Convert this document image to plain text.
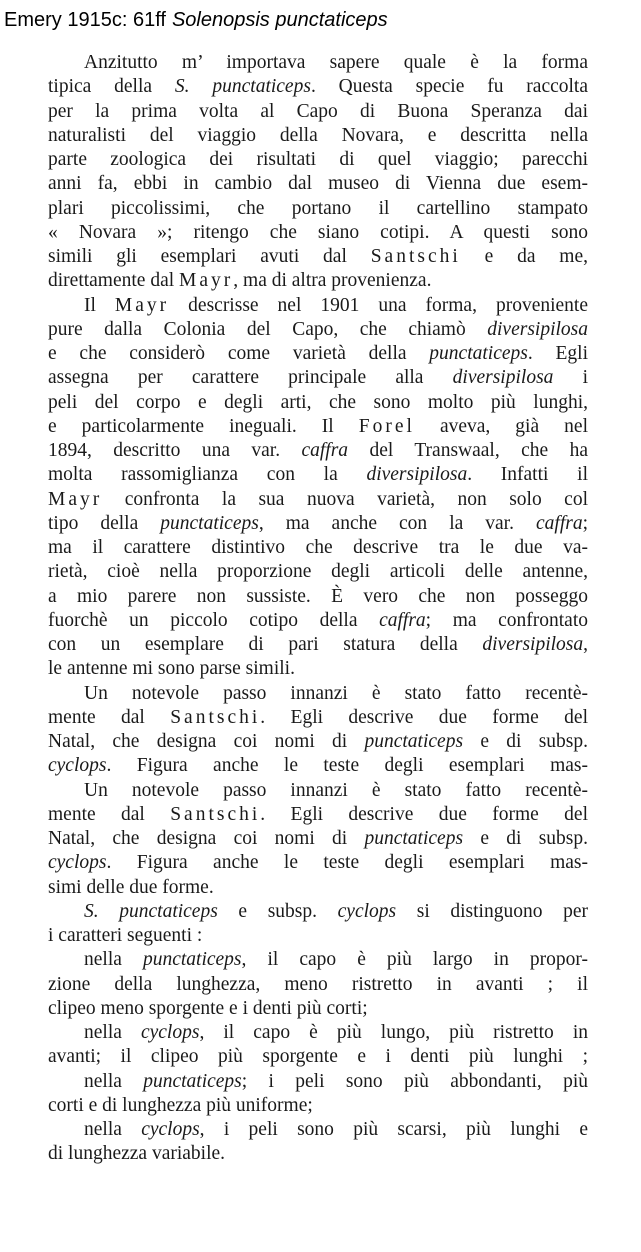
Emery 1915c: 61ff Solenopsis punctaticeps
Anzitutto m’ importava sapere quale è la forma
tipica della S. punctaticeps. Questa specie fu raccolta
per la prima volta al Capo di Buona Speranza dai
naturalisti del viaggio della Novara, e descritta nella
parte zoologica dei risultati di quel viaggio; parecchi
anni fa, ebbi in cambio dal museo di Vienna due esem-
plari piccolissimi, che portano il cartellino stampato
« Novara »; ritengo che siano cotipi. A questi sono
simili gli esemplari avuti dal Santschi e da me,
direttamente dal Mayr, ma di altra provenienza.
Il Mayr descrisse nel 1901 una forma, proveniente
pure dalla Colonia del Capo, che chiamò diversipilosa
e che considerò come varietà della punctaticeps. Egli
assegna per carattere principale alla diversipilosa i
peli del corpo e degli arti, che sono molto più lunghi,
e particolarmente ineguali. Il Forel aveva, già nel
1894, descritto una var. caffra del Transwaal, che ha
molta rassomiglianza con la diversipilosa. Infatti il
Mayr confronta la sua nuova varietà, non solo col
tipo della punctaticeps, ma anche con la var. caffra;
ma il carattere distintivo che descrive tra le due va-
rietà, cioè nella proporzione degli articoli delle antenne,
a mio parere non sussiste. È vero che non posseggo
fuorchè un piccolo cotipo della caffra; ma confrontato
con un esemplare di pari statura della diversipilosa,
le antenne mi sono parse simili.
Un notevole passo innanzi è stato fatto recentè-
mente dal Santschi. Egli descrive due forme del
Natal, che designa coi nomi di punctaticeps e di subsp.
cyclops. Figura anche le teste degli esemplari mas-
Un notevole passo innanzi è stato fatto recentè-
mente dal Santschi. Egli descrive due forme del
Natal, che designa coi nomi di punctaticeps e di subsp.
cyclops. Figura anche le teste degli esemplari mas-
simi delle due forme.
S. punctaticeps e subsp. cyclops si distinguono per
i caratteri seguenti :
nella punctaticeps, il capo è più largo in propor-
zione della lunghezza, meno ristretto in avanti ; il
clipeo meno sporgente e i denti più corti;
nella cyclops, il capo è più lungo, più ristretto in
avanti; il clipeo più sporgente e i denti più lunghi ;
nella punctaticeps; i peli sono più abbondanti, più
corti e di lunghezza più uniforme;
nella cyclops, i peli sono più scarsi, più lunghi e
di lunghezza variabile.
